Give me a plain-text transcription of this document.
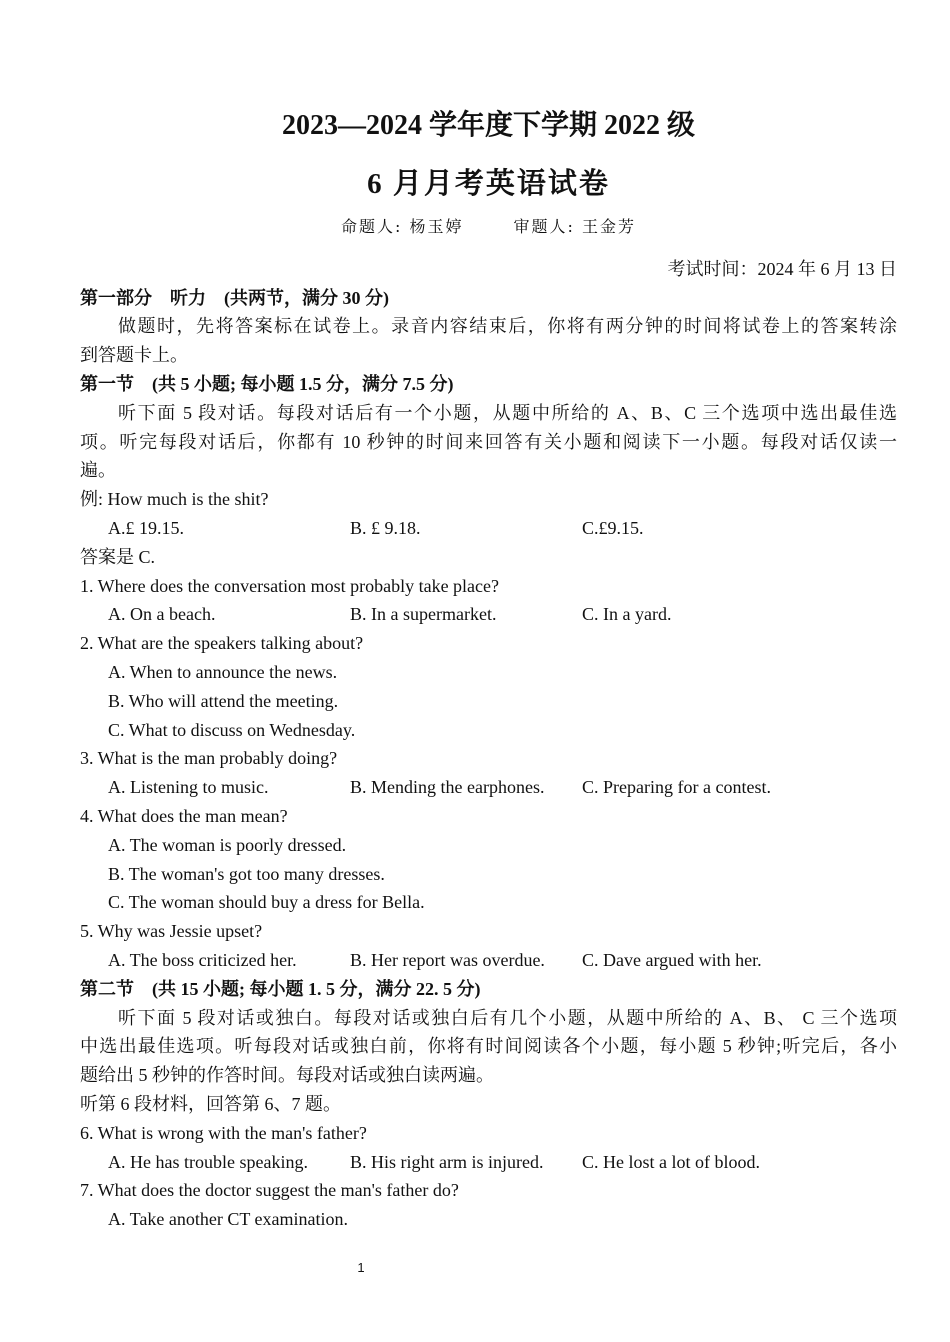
2023—2024 学年度下学期 2022 级
6 月月考英语试卷
命题人: 杨玉婷	审题人: 王金芳
考试时间：2024 年 6 月 13 日
第一部分　听力　(共两节，满分 30 分)
做题时，先将答案标在试卷上。录音内容结束后，你将有两分钟的时间将试卷上的答案转涂
到答题卡上。
第一节　(共 5 小题; 每小题 1.5 分，满分 7.5 分)
听下面 5 段对话。每段对话后有一个小题，从题中所给的 A、B、C 三个选项中选出最佳选
项。听完每段对话后，你都有 10 秒钟的时间来回答有关小题和阅读下一小题。每段对话仅读一
遍。
例: How much is the shit?
A.£ 19.15.	B. £ 9.18.	C.£9.15.
答案是 C.
1. Where does the conversation most probably take place?
A. On a beach.	B. In a supermarket.	C. In a yard.
2. What are the speakers talking about?
A. When to announce the news.
B. Who will attend the meeting.
C. What to discuss on Wednesday.
3. What is the man probably doing?
A. Listening to music.	B. Mending the earphones. C. Preparing for a contest.
4. What does the man mean?
A. The woman is poorly dressed.
B. The woman's got too many dresses.
C. The woman should buy a dress for Bella.
5. Why was Jessie upset?
A. The boss criticized her.	B. Her report was overdue. C. Dave argued with her.
第二节　(共 15 小题; 每小题 1. 5 分，满分 22. 5 分)
听下面 5 段对话或独白。每段对话或独白后有几个小题，从题中所给的 A、B、 C 三个选项
中选出最佳选项。听每段对话或独白前，你将有时间阅读各个小题，每小题 5 秒钟;听完后，各小
题给出 5 秒钟的作答时间。每段对话或独白读两遍。
听第 6 段材料，回答第 6、7 题。
6. What is wrong with the man's father?
A. He has trouble speaking. B. His right arm is injured. C. He lost a lot of blood.
7. What does the doctor suggest the man's father do?
A. Take another CT examination.
1
